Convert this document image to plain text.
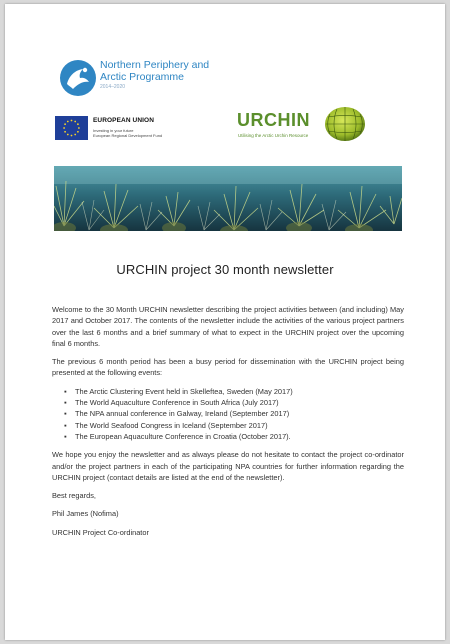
Northern Periphery and
Arctic Programme
2014–2020
EUROPEAN UNION
Investing in your future
European Regional Development Fund
URCHIN
Utilising the Arctic Urchin Resource
URCHIN project 30 month newsletter

Welcome to the 30 Month URCHIN newsletter describing the project activities between (and including) May 2017 and October 2017. The contents of the newsletter include the activities of the various project partners over the last 6 months and a brief summary of what to expect in the URCHIN project over the upcoming final 6 months.

The previous 6 month period has been a busy period for dissemination with the URCHIN project being presented at the following events:

▪ The Arctic Clustering Event held in Skelleftea, Sweden (May 2017)
▪ The World Aquaculture Conference in South Africa (July 2017)
▪ The NPA annual conference in Galway, Ireland (September 2017)
▪ The World Seafood Congress in Iceland (September 2017)
▪ The European Aquaculture Conference in Croatia (October 2017).

We hope you enjoy the newsletter and as always please do not hesitate to contact the project co-ordinator and/or the project partners in each of the participating NPA countries for further information regarding the URCHIN project (contact details are listed at the end of the newsletter).

Best regards,

Phil James (Nofima)

URCHIN Project Co-ordinator
